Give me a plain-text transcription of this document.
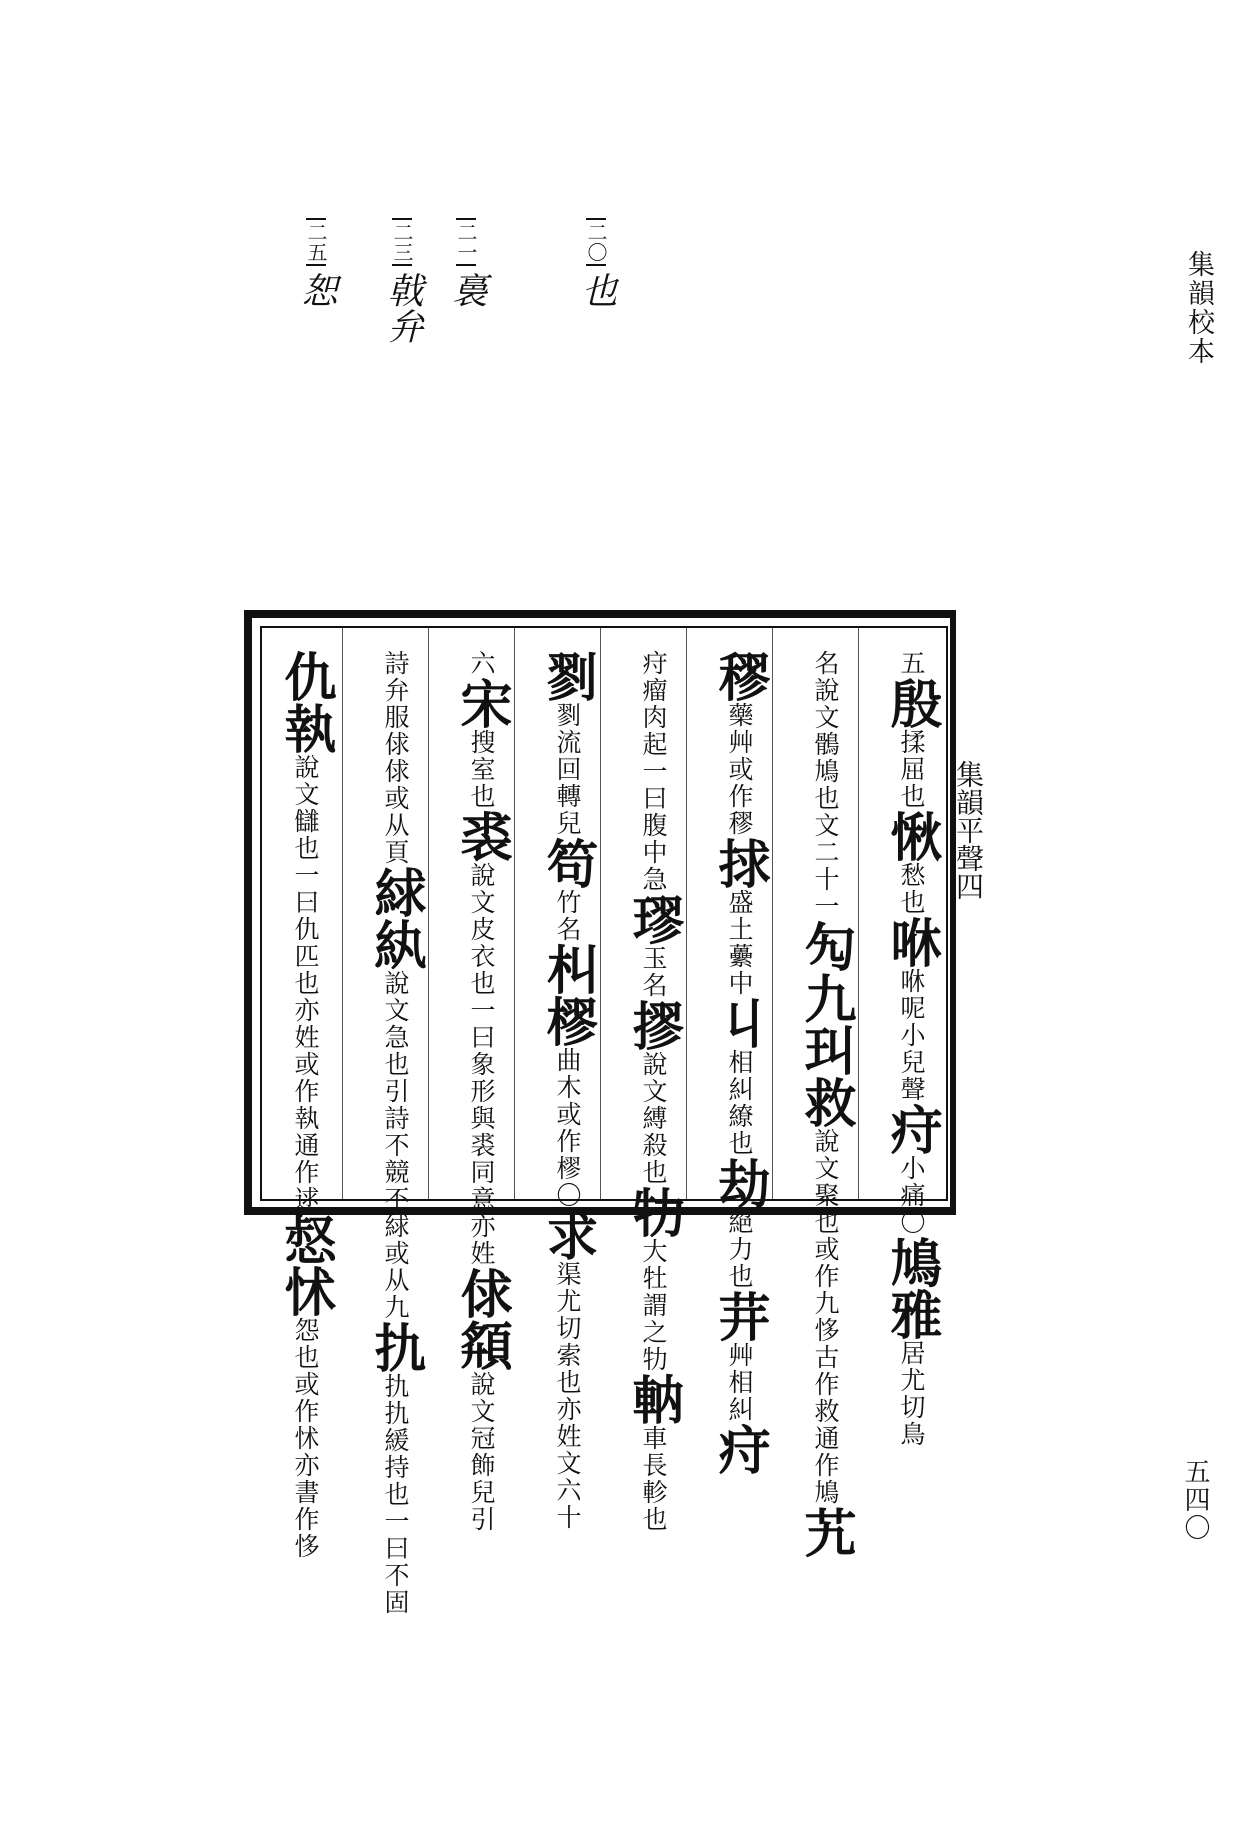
集韻校本
二〇也
二一裛
二三戟弁
二五恕
五殷揉屈也愀愁也咻咻呢小兒聲疛小痛〇鳩雅居尤切鳥
名說文鶻鳩也文二十一勼九㺩救說文聚也或作九恀古作救通作鳩艽
穋藥艸或作穋捄盛土虆中丩相糾繚也劫絕力也茾艸相糾疛
疛瘤肉起一曰腹中急璆玉名摎說文縛殺也牞大牡謂之牞軜車長軫也
剹剹流回轉兒笱竹名朻樛曲木或作樛〇求渠尤切索也亦姓文六十
六宋搜室也裘說文皮衣也一曰象形與裘同意亦姓俅頯說文冠飾兒引
詩弁服俅俅或从頁絿紈說文急也引詩不競不絿或从九扏扏扏緩持也一曰不固
仇執說文讎也一曰仇匹也亦姓或作執通作逑惄怵怨也或作怵亦書作恀
集韻平聲四
五四〇
